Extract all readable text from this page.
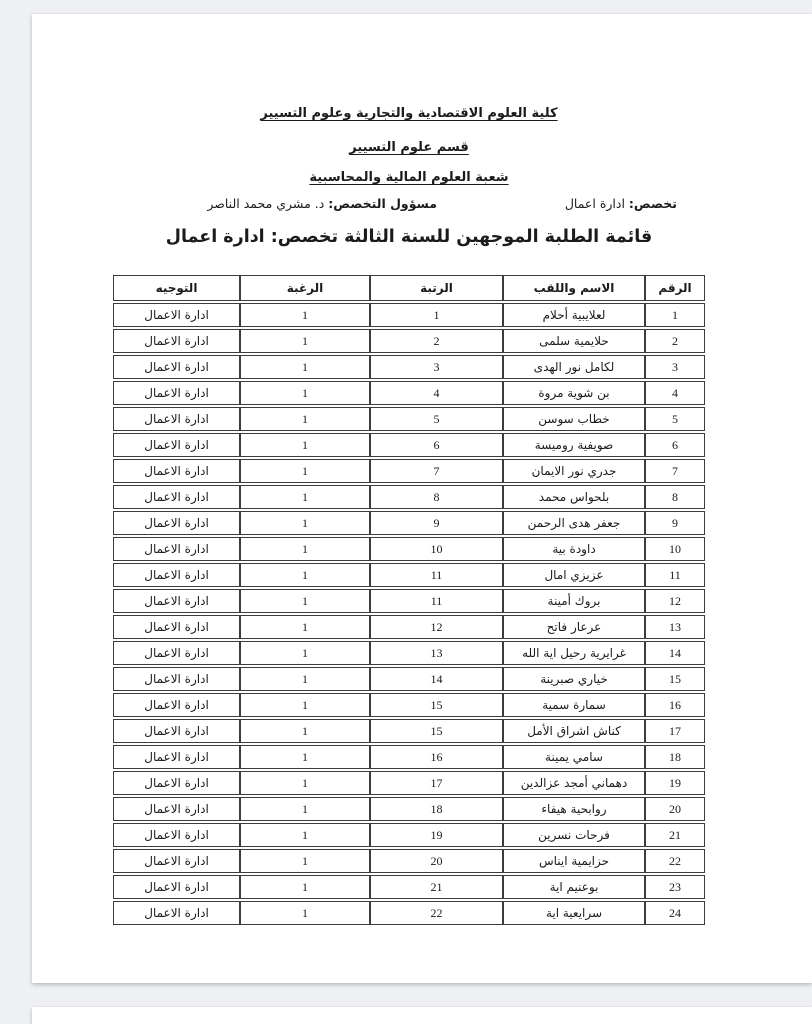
كلية العلوم الاقتصادية والتجارية وعلوم التسيير
قسم علوم التسيير
شعبة العلوم المالية والمحاسبية
تخصص:‏ ادارة اعمال
مسؤول التخصص:‏ د. مشري محمد الناصر
قائمة الطلبة الموجهين للسنة الثالثة تخصص: ادارة اعمال
الرقم	الاسم واللقب	الرتبة	الرغبة	التوجيه
1	لعلايبية أحلام	1	1	ادارة الاعمال
2	حلايمية سلمى	2	1	ادارة الاعمال
3	لكامل نور الهدى	3	1	ادارة الاعمال
4	بن شوية مروة	4	1	ادارة الاعمال
5	خطاب سوسن	5	1	ادارة الاعمال
6	صويفية روميسة	6	1	ادارة الاعمال
7	جدري نور الايمان	7	1	ادارة الاعمال
8	بلحواس محمد	8	1	ادارة الاعمال
9	جعفر هدى الرحمن	9	1	ادارة الاعمال
10	داودة بية	10	1	ادارة الاعمال
11	عزيزي امال	11	1	ادارة الاعمال
12	بروك أمينة	11	1	ادارة الاعمال
13	عرعار فاتح	12	1	ادارة الاعمال
14	غرايرية رحيل اية الله	13	1	ادارة الاعمال
15	خياري صبرينة	14	1	ادارة الاعمال
16	سمارة سمية	15	1	ادارة الاعمال
17	كناش اشراق الأمل	15	1	ادارة الاعمال
18	سامي يمينة	16	1	ادارة الاعمال
19	دهماني أمجد عزالدين	17	1	ادارة الاعمال
20	روابحية هيفاء	18	1	ادارة الاعمال
21	فرحات نسرين	19	1	ادارة الاعمال
22	حزايمية ايناس	20	1	ادارة الاعمال
23	بوعنيم اية	21	1	ادارة الاعمال
24	سرايعية اية	22	1	ادارة الاعمال
